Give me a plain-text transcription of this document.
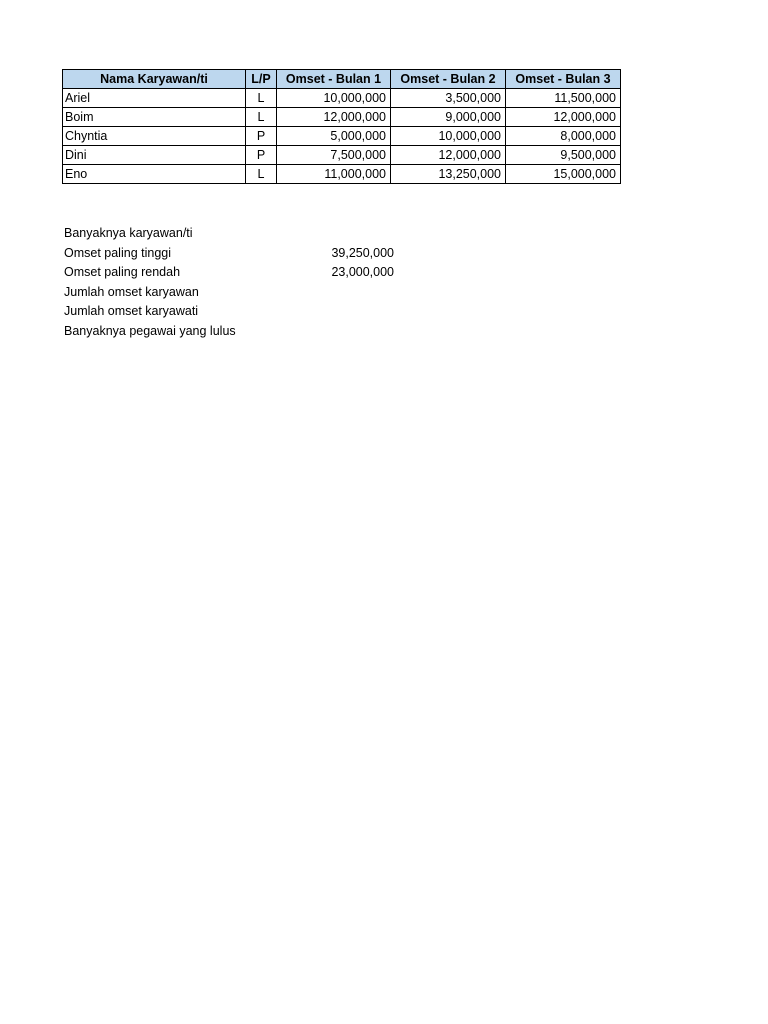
Nama Karyawan/ti	L/P	Omset - Bulan 1	Omset - Bulan 2	Omset - Bulan 3
Ariel	L	10,000,000	3,500,000	11,500,000
Boim	L	12,000,000	9,000,000	12,000,000
Chyntia	P	5,000,000	10,000,000	8,000,000
Dini	P	7,500,000	12,000,000	9,500,000
Eno	L	11,000,000	13,250,000	15,000,000
Banyaknya karyawan/ti
Omset paling tinggi	39,250,000
Omset paling rendah	23,000,000
Jumlah omset karyawan
Jumlah omset karyawati
Banyaknya pegawai yang lulus
